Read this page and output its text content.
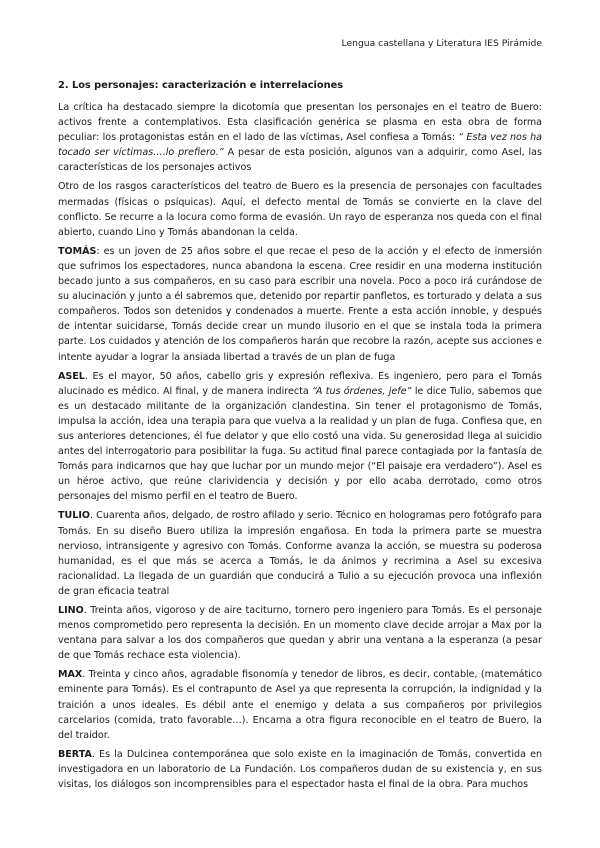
Lengua castellana y Literatura IES Pirámide
2. Los personajes: caracterización e interrelaciones

La crítica ha destacado siempre la dicotomía que presentan los personajes en el teatro de Buero: activos frente a contemplativos. Esta clasificación genérica se plasma en esta obra de forma peculiar: los protagonistas están en el lado de las víctimas, Asel confiesa a Tomás: “ Esta vez nos ha tocado ser víctimas….lo prefiero.” A pesar de esta posición, algunos van a adquirir, como Asel, las características de los personajes activos

Otro de los rasgos característicos del teatro de Buero es la presencia de personajes con facultades mermadas (físicas o psíquicas). Aquí, el defecto mental de Tomás se convierte en la clave del conflicto. Se recurre a la locura como forma de evasión. Un rayo de esperanza nos queda con el final abierto, cuando Lino y Tomás abandonan la celda.

TOMÁS: es un joven de 25 años sobre el que recae el peso de la acción y el efecto de inmersión que sufrimos los espectadores, nunca abandona la escena. Cree residir en una moderna institución becado junto a sus compañeros, en su caso para escribir una novela. Poco a poco irá curándose de su alucinación y junto a él sabremos que, detenido por repartir panfletos, es torturado y delata a sus compañeros. Todos son detenidos y condenados a muerte. Frente a esta acción innoble, y después de intentar suicidarse, Tomás decide crear un mundo ilusorio en el que se instala toda la primera parte. Los cuidados y atención de los compañeros harán que recobre la razón, acepte sus acciones e intente ayudar a lograr la ansiada libertad a través de un plan de fuga

ASEL. Es el mayor, 50 años, cabello gris y expresión reflexiva. Es ingeniero, pero para el Tomás alucinado es médico. Al final, y de manera indirecta “A tus órdenes, jefe” le dice Tulio, sabemos que es un destacado militante de la organización clandestina. Sin tener el protagonismo de Tomás, impulsa la acción, idea una terapia para que vuelva a la realidad y un plan de fuga. Confiesa que, en sus anteriores detenciones, él fue delator y que ello costó una vida. Su generosidad llega al suicidio antes del interrogatorio para posibilitar la fuga. Su actitud final parece contagiada por la fantasía de Tomás para indicarnos que hay que luchar por un mundo mejor (“El paisaje era verdadero”). Asel es un héroe activo, que reúne clarividencia y decisión y por ello acaba derrotado, como otros personajes del mismo perfil en el teatro de Buero.

TULIO. Cuarenta años, delgado, de rostro afilado y serio. Técnico en hologramas pero fotógrafo para Tomás. En su diseño Buero utiliza la impresión engañosa. En toda la primera parte se muestra nervioso, intransigente y agresivo con Tomás. Conforme avanza la acción, se muestra su poderosa humanidad, es el que más se acerca a Tomás, le da ánimos y recrimina a Asel su excesiva racionalidad. La llegada de un guardián que conducirá a Tulio a su ejecución provoca una inflexión de gran eficacia teatral

LINO. Treinta años, vigoroso y de aire taciturno, tornero pero ingeniero para Tomás. Es el personaje menos comprometido pero representa la decisión. En un momento clave decide arrojar a Max por la ventana para salvar a los dos compañeros que quedan y abrir una ventana a la esperanza (a pesar de que Tomás rechace esta violencia).

MAX. Treinta y cinco años, agradable fisonomía y tenedor de libros, es decir, contable, (matemático eminente para Tomás). Es el contrapunto de Asel ya que representa la corrupción, la indignidad y la traición a unos ideales. Es débil ante el enemigo y delata a sus compañeros por privilegios carcelarios (comida, trato favorable…). Encarna a otra figura reconocible en el teatro de Buero, la del traidor.

BERTA. Es la Dulcinea contemporánea que solo existe en la imaginación de Tomás, convertida en investigadora en un laboratorio de La Fundación. Los compañeros dudan de su existencia y, en sus visitas, los diálogos son incomprensibles para el espectador hasta el final de la obra. Para muchos
